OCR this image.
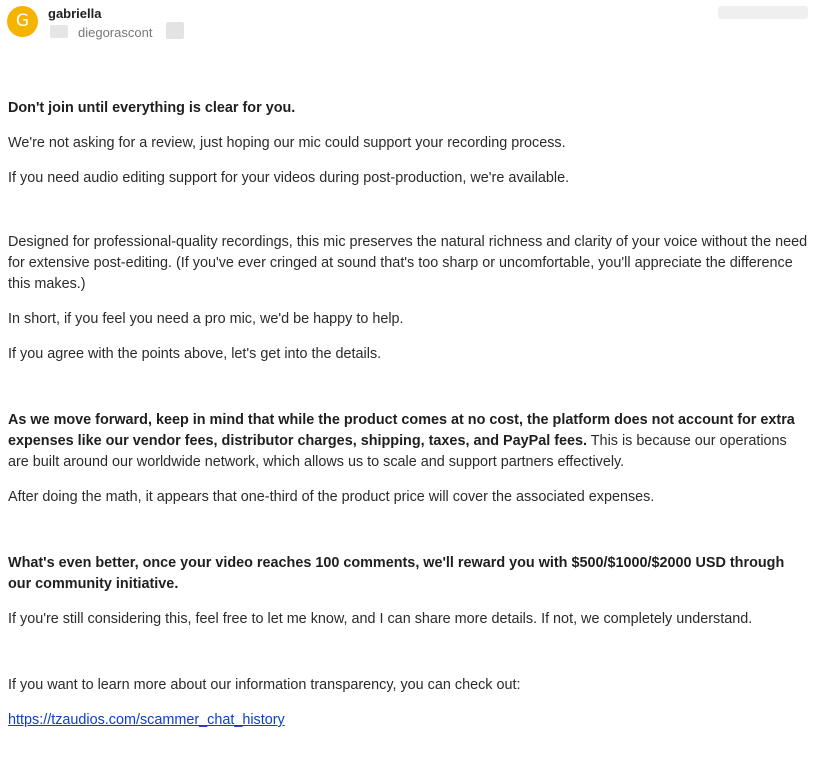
G	gabriella
diegorascont

Don't join until everything is clear for you.

We're not asking for a review, just hoping our mic could support your recording process.

If you need audio editing support for your videos during post-production, we're available.

Designed for professional-quality recordings, this mic preserves the natural richness and clarity of your voice without the need for extensive post-editing. (If you've ever cringed at sound that's too sharp or uncomfortable, you'll appreciate the difference this makes.)

In short, if you feel you need a pro mic, we'd be happy to help.

If you agree with the points above, let's get into the details.

As we move forward, keep in mind that while the product comes at no cost, the platform does not account for extra expenses like our vendor fees, distributor charges, shipping, taxes, and PayPal fees. This is because our operations are built around our worldwide network, which allows us to scale and support partners effectively.

After doing the math, it appears that one-third of the product price will cover the associated expenses.

What's even better, once your video reaches 100 comments, we'll reward you with $500/$1000/$2000 USD through our community initiative.

If you're still considering this, feel free to let me know, and I can share more details. If not, we completely understand.

If you want to learn more about our information transparency, you can check out:

https://tzaudios.com/scammer_chat_history
